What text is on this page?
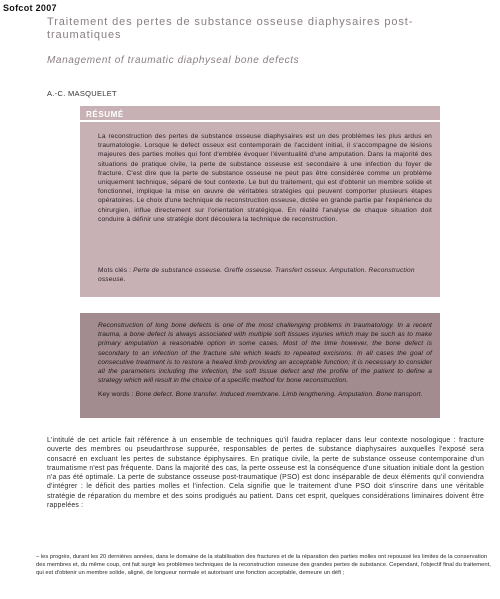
Sofcot 2007
Traitement des pertes de substance osseuse diaphysaires post-traumatiques
Management of traumatic diaphyseal bone defects
A.-C. MASQUELET
RÉSUMÉ
La reconstruction des pertes de substance osseuse diaphysaires est un des problèmes les plus ardus en traumatologie. Lorsque le defect osseux est contemporain de l'accident initial, il s'accompagne de lésions majeures des parties molles qui font d'emblée évoquer l'éventualité d'une amputation. Dans la majorité des situations de pratique civile, la perte de substance osseuse est secondaire à une infection du foyer de fracture. C'est dire que la perte de substance osseuse ne peut pas être considérée comme un problème uniquement technique, séparé de tout contexte. Le but du traitement, qui est d'obtenir un membre solide et fonctionnel, implique la mise en œuvre de véritables stratégies qui peuvent comporter plusieurs étapes opératoires. Le choix d'une technique de reconstruction osseuse, dictée en grande partie par l'expérience du chirurgien, influe directement sur l'orientation stratégique. En réalité l'analyse de chaque situation doit conduire à définir une stratégie dont découlera la technique de reconstruction.
Mots clés : Perte de substance osseuse. Greffe osseuse. Transfert osseux. Amputation. Reconstruction osseuse.
Reconstruction of long bone defects is one of the most challenging problems in traumatology. In a recent trauma, a bone defect is always associated with multiple soft tissues injuries which may be such as to make primary amputation a reasonable option in some cases. Most of the time however, the bone defect is secondary to an infection of the fracture site which leads to repeated excisions. In all cases the goal of consecutive treatment is to restore a healed limb providing an acceptable function; it is necessary to consider all the parameters including the infection, the soft tissue defect and the profile of the patient to define a strategy which will result in the choice of a specific method for bone reconstruction.
Key words : Bone defect. Bone transfer. Induced membrane. Limb lengthening. Amputation. Bone transport.
L'intitulé de cet article fait référence à un ensemble de techniques qu'il faudra replacer dans leur contexte nosologique : fracture ouverte des membres ou pseudarthrose suppurée, responsables de pertes de substance diaphysaires auxquelles l'exposé sera consacré en excluant les pertes de substance épiphysaires. En pratique civile, la perte de substance osseuse contemporaine d'un traumatisme n'est pas fréquente. Dans la majorité des cas, la perte osseuse est la conséquence d'une situation initiale dont la gestion n'a pas été optimale. La perte de substance osseuse post-traumatique (PSO) est donc inséparable de deux éléments qu'il conviendra d'intégrer : le déficit des parties molles et l'infection. Cela signifie que le traitement d'une PSO doit s'inscrire dans une véritable stratégie de réparation du membre et des soins prodigués au patient. Dans cet esprit, quelques considérations liminaires doivent être rappelées :
– les progrès, durant les 20 dernières années, dans le domaine de la stabilisation des fractures et de la réparation des parties molles ont repoussé les limites de la conservation des membres et, du même coup, ont fait surgir les problèmes techniques de la reconstruction osseuse des grandes pertes de substance. Cependant, l'objectif final du traitement, qui est d'obtenir un membre solide, aligné, de longueur normale et autorisant une fonction acceptable, demeure un défi ;
